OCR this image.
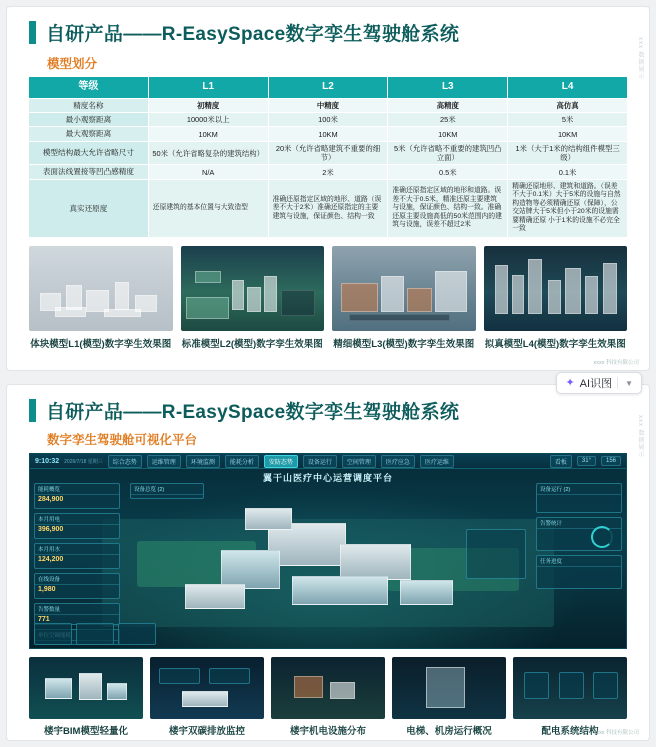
自研产品——R-EasySpace数字孪生驾驶舱系统
模型划分
等级	L1	L2	L3	L4
精度名称	初精度	中精度	高精度	高仿真
最小观察距离	10000米以上	100米	25米	5米
最大观察距离	10KM	10KM	10KM	10KM
模型结构最大允许省略尺寸	50米（允许省略复杂的建筑结构）	20米（允许省略建筑不重要的细节）	5米（允许省略不重要的建筑凹凸立面）	1米（大于1米的结构组件模型三级）
表面法线置接等凹凸感精度	N/A	2米	0.5米	0.1米
真实还原度	还原建筑的基本位置与大致造型	准确还原指定区域的地形、道路（误差不大于2米）准确还原指定的主要建筑与设施，保证颜色、结构一致	准确还原指定区域的地形和道路。误差不大于0.5米，精准还原主要建筑与设施，保证颜色、结构一致。准确还原主要设施高低的50米范围内的建筑与设施，误差不超过2米	精确还原地形、建筑和道路。（误差不大于0.1米）大于5米的设施与自然构造物等必须精确还原（保障），公交站牌大于5米但小于20米的设施需要精确还原 小于1米的设施不必完全一致
体块模型L1(模型)数字孪生效果图 标准模型L2(模型)数字孪生效果图 精细模型L3(模型)数字孪生效果图 拟真模型L4(模型)数字孪生效果图
xxx 数据展示
xxxx 科技有限公司
✦ AI识图 ▼
自研产品——R-EasySpace数字孪生驾驶舱系统
数字孪生驾驶舱可视化平台
9:10:32 2026/7/18 星期三	综合态势	运维管理	环境监测	能耗分析	安防态势	设备运行	空间管理	医疗应急	医疗运维	看板	31°	156
翼干山医疗中心运营调度平台
能耗概览
284,900
本月用电
396,900
本月用水
124,200
在线设备
1,980
告警数量
771
设备总览 (2)	设备运行 (2)
告警统计
任务进度
楼宇BIM模型轻量化	楼宇双碳排放监控	楼宇机电设施分布	电梯、机房运行概况	配电系统结构
xxx 数据展示
xxxx 科技有限公司
